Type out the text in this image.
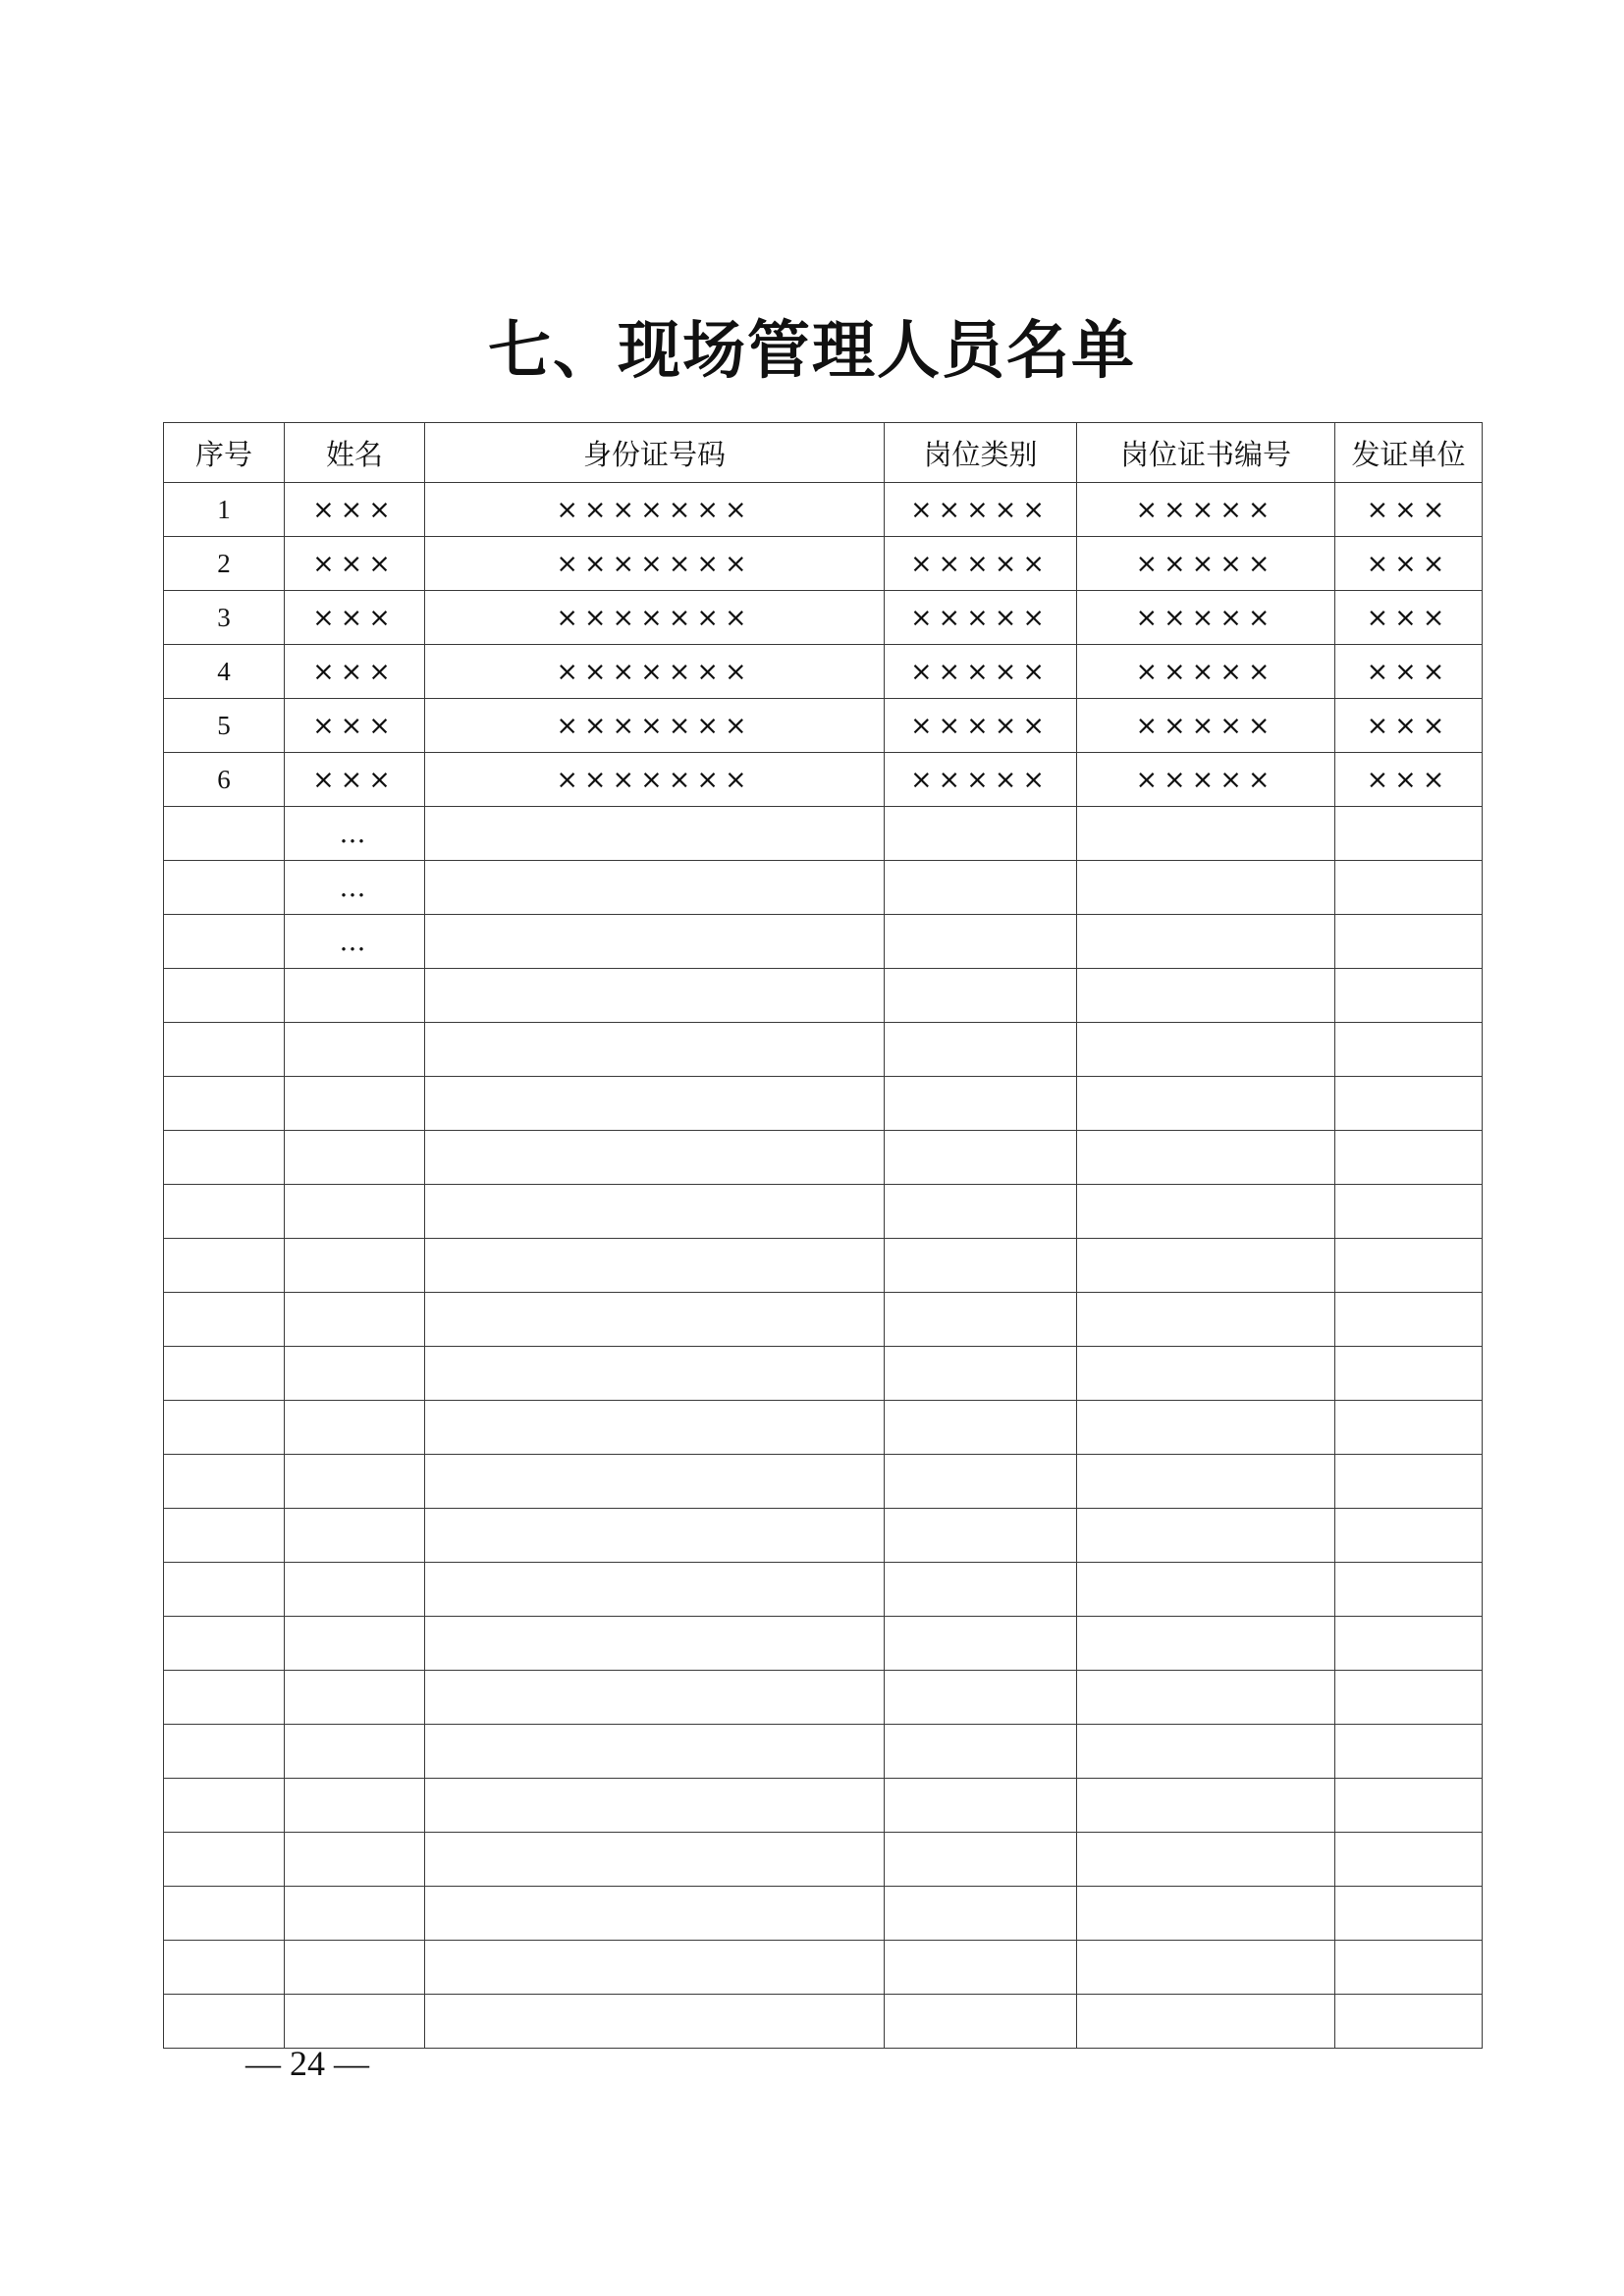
七、现场管理人员名单
序号	姓名	身份证号码	岗位类别	岗位证书编号	发证单位
1	×××	×××××××	×××××	×××××	×××
2	×××	×××××××	×××××	×××××	×××
3	×××	×××××××	×××××	×××××	×××
4	×××	×××××××	×××××	×××××	×××
5	×××	×××××××	×××××	×××××	×××
6	×××	×××××××	×××××	×××××	×××
	…				
	…				
	…				

— 24 —
